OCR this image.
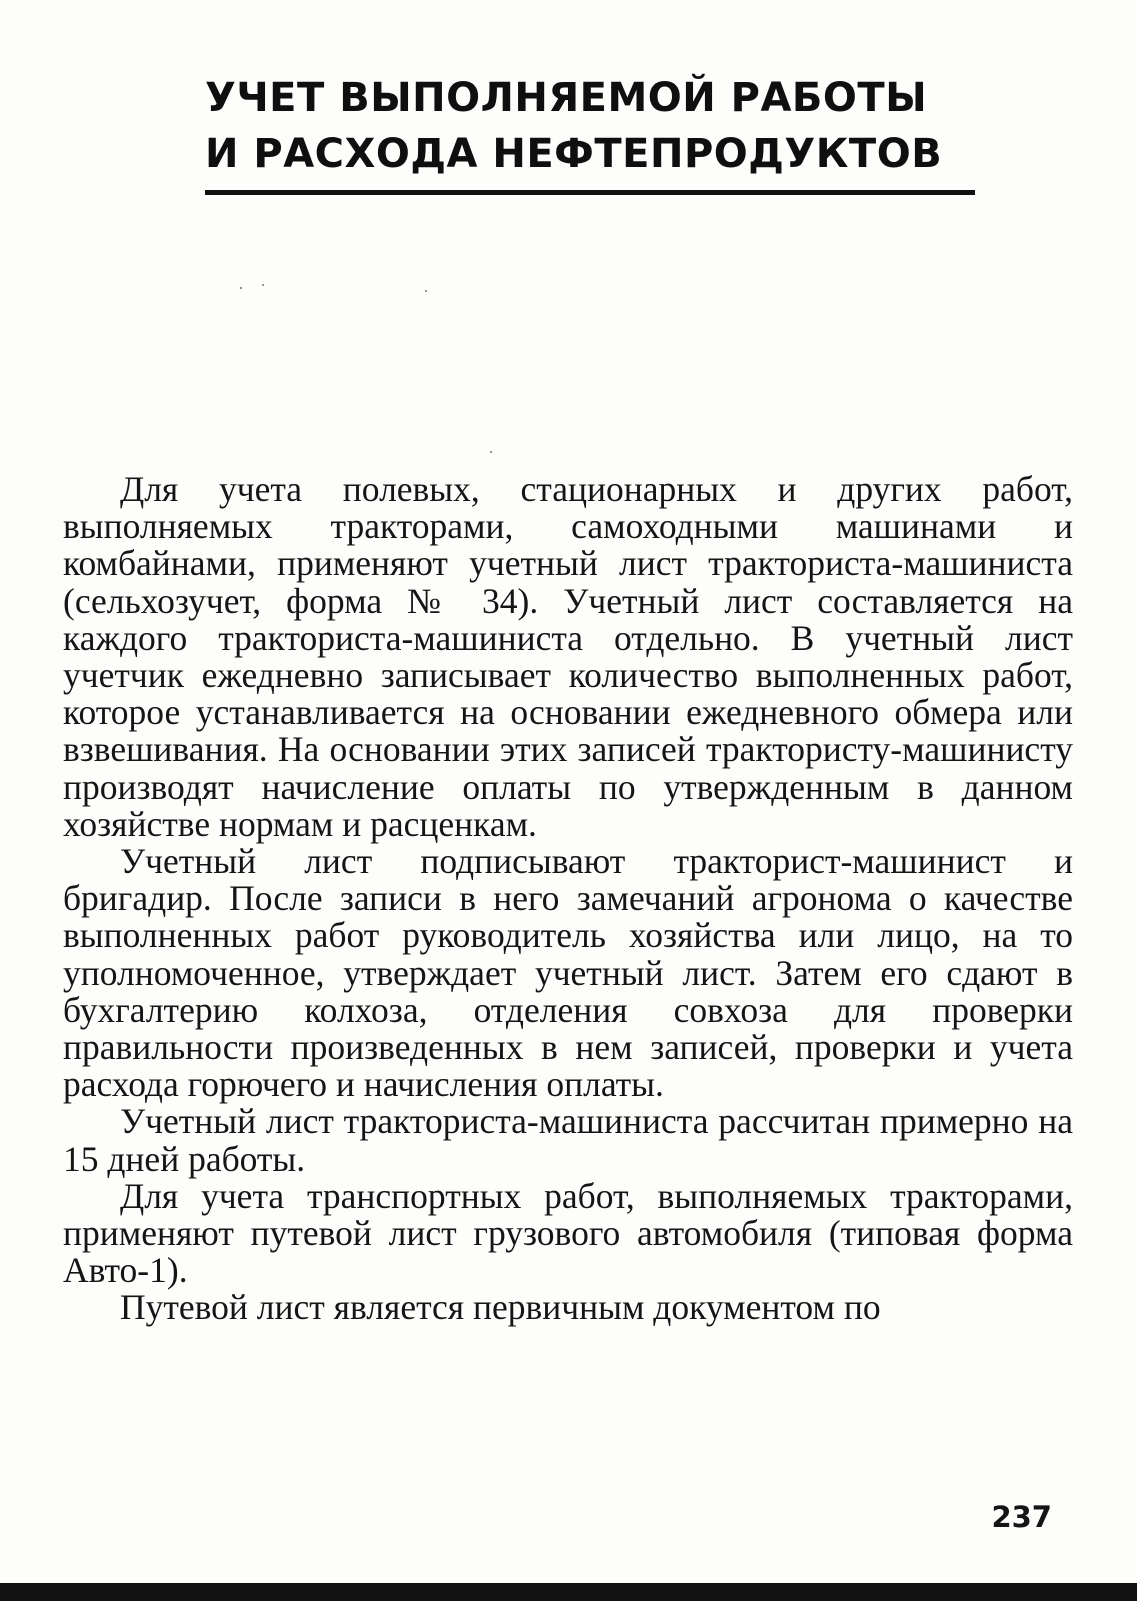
УЧЕТ ВЫПОЛНЯЕМОЙ РАБОТЫ
И РАСХОДА НЕФТЕПРОДУКТОВ

Для учета полевых, стационарных и других работ, выполняемых тракторами, самоходными машинами и комбайнами, применяют учетный лист тракториста-машиниста (сельхозучет, форма № 34). Учетный лист составляется на каждого тракториста-машиниста отдельно. В учетный лист учетчик ежедневно записывает количество выполненных работ, которое устанавливается на основании ежедневного обмера или взвешивания. На основании этих записей трактористу-машинисту производят начисление оплаты по утвержденным в данном хозяйстве нормам и расценкам.

Учетный лист подписывают тракторист-машинист и бригадир. После записи в него замечаний агронома о качестве выполненных работ руководитель хозяйства или лицо, на то уполномоченное, утверждает учетный лист. Затем его сдают в бухгалтерию колхоза, отделения совхоза для проверки правильности произведенных в нем записей, проверки и учета расхода горючего и начисления оплаты.

Учетный лист тракториста-машиниста рассчитан примерно на 15 дней работы.

Для учета транспортных работ, выполняемых тракторами, применяют путевой лист грузового автомобиля (типовая форма Авто-1).

Путевой лист является первичным документом по

237
